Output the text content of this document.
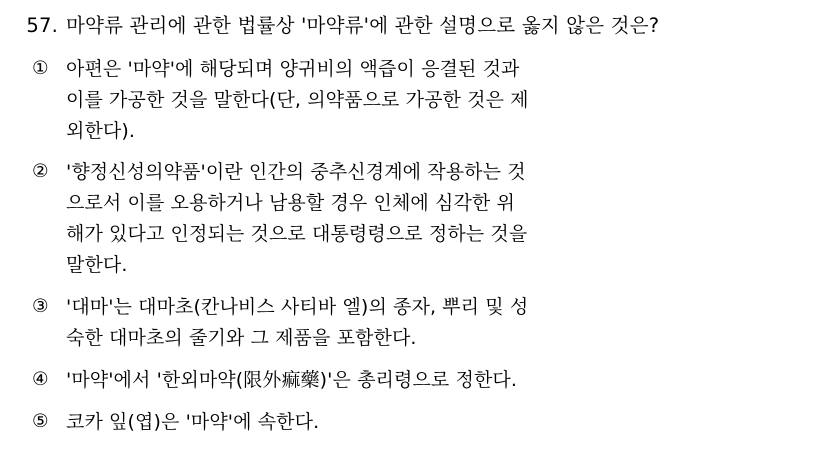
57. 마약류 관리에 관한 법률상 '마약류'에 관한 설명으로 옳지 않은 것은?
① 아편은 '마약'에 해당되며 양귀비의 액즙이 응결된 것과
이를 가공한 것을 말한다(단, 의약품으로 가공한 것은 제
외한다).
② '향정신성의약품'이란 인간의 중추신경계에 작용하는 것
으로서 이를 오용하거나 남용할 경우 인체에 심각한 위
해가 있다고 인정되는 것으로 대통령령으로 정하는 것을
말한다.
③ '대마'는 대마초(칸나비스 사티바 엘)의 종자, 뿌리 및 성
숙한 대마초의 줄기와 그 제품을 포함한다.
④ '마약'에서 '한외마약(限外痲藥)'은 총리령으로 정한다.
⑤ 코카 잎(엽)은 '마약'에 속한다.
